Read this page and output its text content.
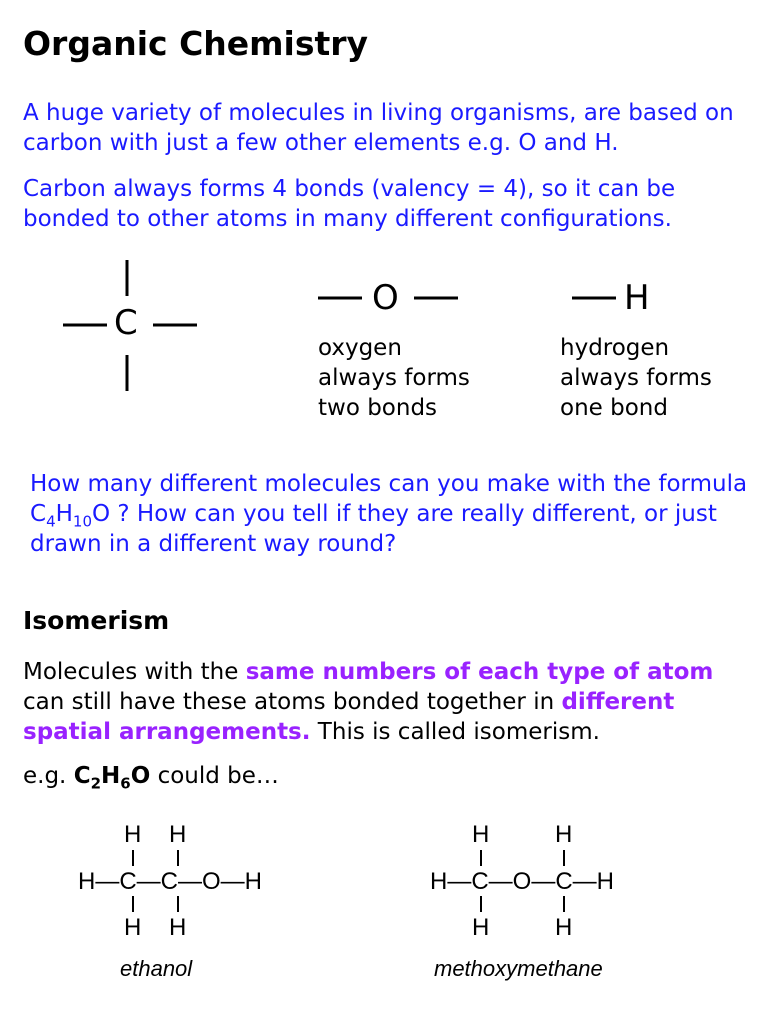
Organic Chemistry
A huge variety of molecules in living organisms, are based on carbon with just a few other elements e.g. O and H.
Carbon always forms 4 bonds (valency = 4), so it can be bonded to other atoms in many different configurations.
C
O	H
oxygen
always forms
two bonds
hydrogen
always forms
one bond
How many different molecules can you make with the formula $C_4H_{10}O$ ? How can you tell if they are really different, or just drawn in a different way round?
Isomerism
Molecules with the same numbers of each type of atom can still have these atoms bonded together in different spatial arrangements. This is called isomerism.
e.g. $C_2H_6O$ could be…
H H
H—C—C—O—H
H H
ethanol
H	H
H—C—O—C—H
H	H
methoxymethane
